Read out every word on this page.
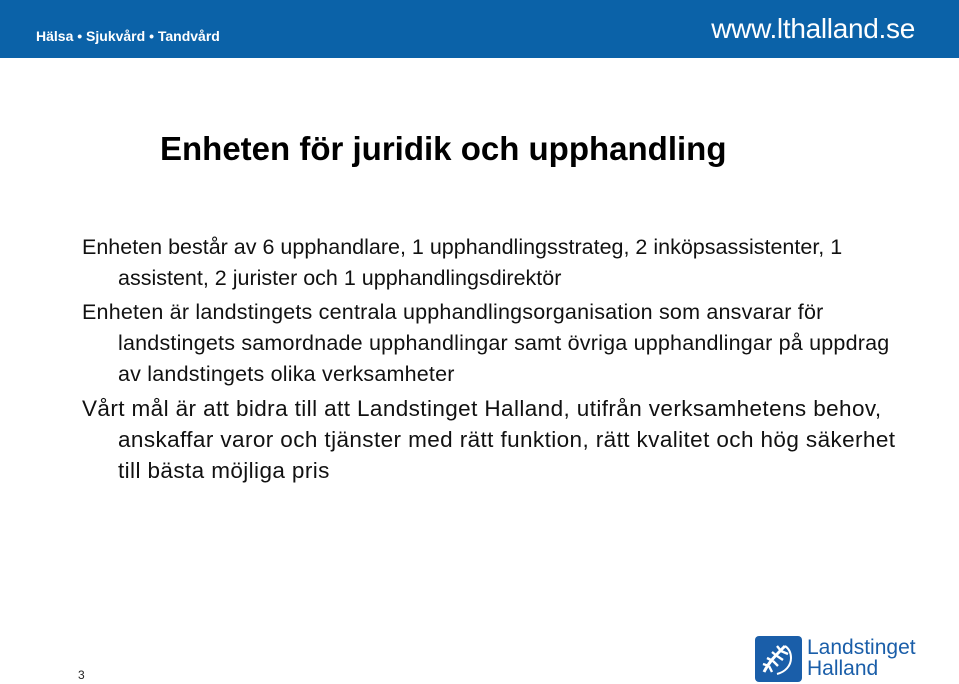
Hälsa • Sjukvård • Tandvård	www.lthalland.se
Enheten för juridik och upphandling
Enheten består av 6 upphandlare, 1 upphandlingsstrateg, 2 inköpsassistenter, 1 assistent, 2 jurister och 1 upphandlingsdirektör
Enheten är landstingets centrala upphandlingsorganisation som ansvarar för landstingets samordnade upphandlingar samt övriga upphandlingar på uppdrag av landstingets olika verksamheter
Vårt mål är att bidra till att Landstinget Halland, utifrån verksamhetens behov, anskaffar varor och tjänster med rätt funktion, rätt kvalitet och hög säkerhet till bästa möjliga pris
3
Landstinget
Halland
